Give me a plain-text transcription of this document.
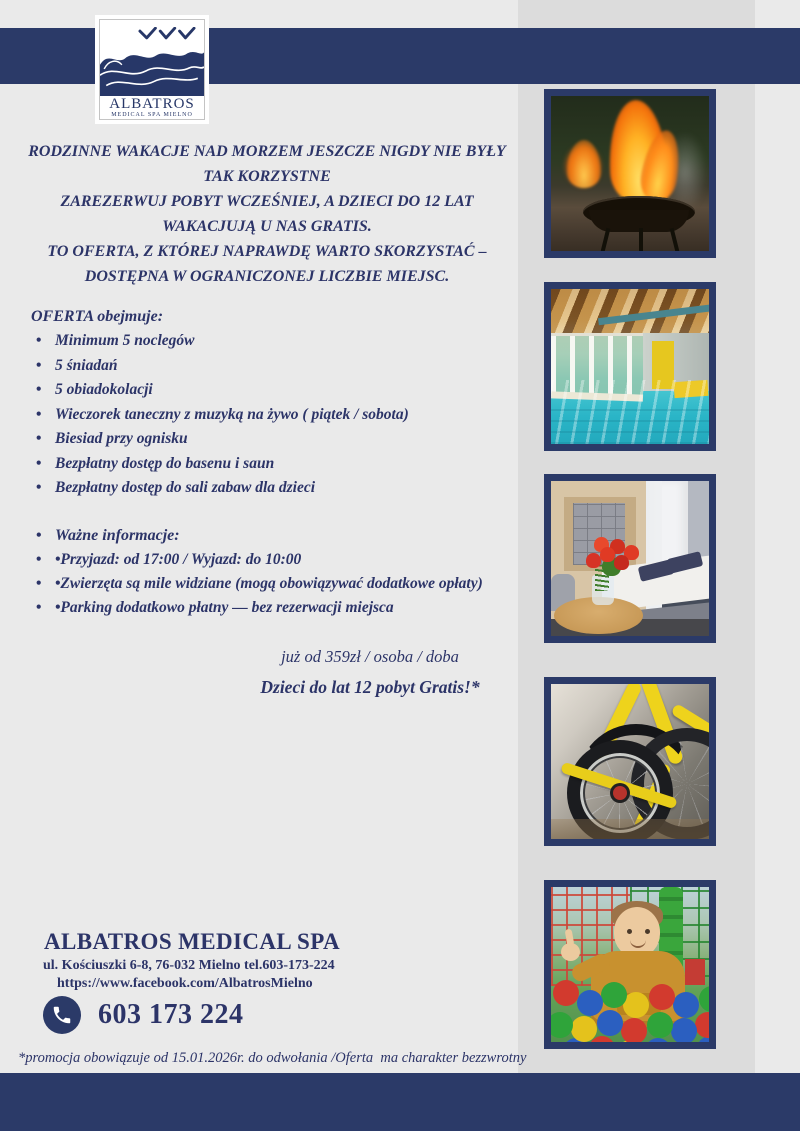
ALBATROS
MEDICAL SPA MIELNO
RODZINNE WAKACJE NAD MORZEM JESZCZE NIGDY NIE BYŁY
TAK KORZYSTNE
ZAREZERWUJ POBYT WCZEŚNIEJ, A DZIECI DO 12 LAT
WAKACJUJĄ U NAS GRATIS.
TO OFERTA, Z KTÓREJ NAPRAWDĘ WARTO SKORZYSTAĆ –
DOSTĘPNA W OGRANICZONEJ LICZBIE MIEJSC.
OFERTA obejmuje:
• Minimum 5 noclegów
• 5 śniadań
• 5 obiadokolacji
• Wieczorek taneczny z muzyką na żywo ( piątek / sobota)
• Biesiad przy ognisku
• Bezpłatny dostęp do basenu i saun
• Bezpłatny dostęp do sali zabaw dla dzieci
• Ważne informacje:
• •Przyjazd: od 17:00 / Wyjazd: do 10:00
• •Zwierzęta są mile widziane (mogą obowiązywać dodatkowe opłaty)
• •Parking dodatkowo płatny — bez rezerwacji miejsca
już od 359zł / osoba / doba
Dzieci do lat 12 pobyt Gratis!*
ALBATROS MEDICAL SPA
ul. Kościuszki 6-8, 76-032 Mielno tel.603-173-224
https://www.facebook.com/AlbatrosMielno
603 173 224
*promocja obowiązuje od 15.01.2026r. do odwołania /Oferta  ma charakter bezzwrotny
